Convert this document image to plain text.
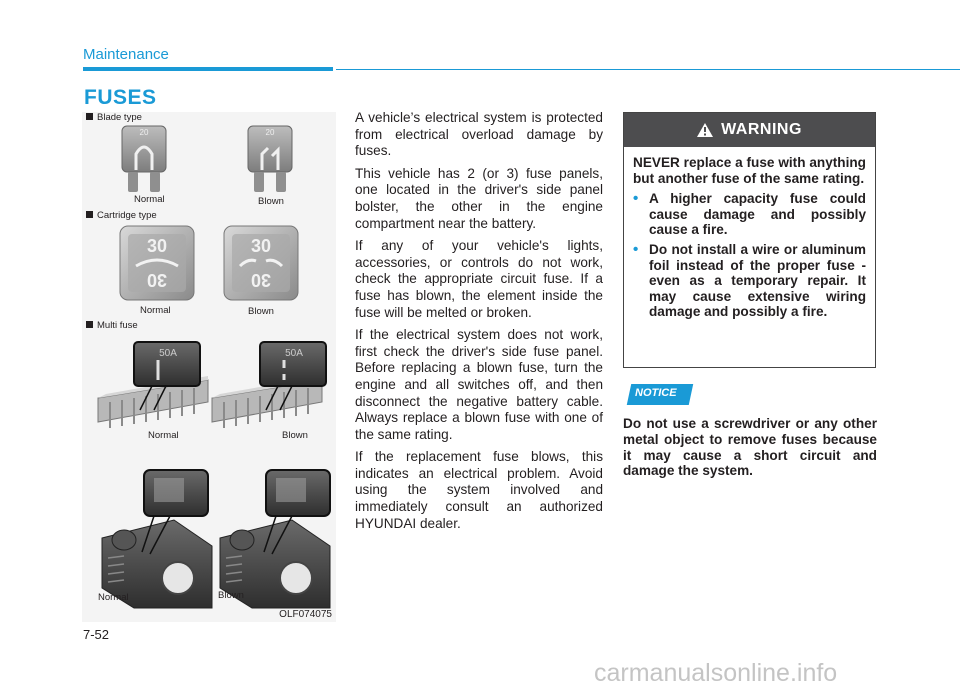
Maintenance
FUSES
20	20
30
30
30
30
50A	50A
Blade type
Normal	Blown
Cartridge type
Normal	Blown
Multi fuse
Normal	Blown
Normal	Blown
OLF074075

A vehicle’s electrical system is protected from electrical overload damage by fuses.

This vehicle has 2 (or 3) fuse panels, one located in the driver's side panel bolster, the other in the engine compartment near the battery.

If any of your vehicle's lights, accessories, or controls do not work, check the appropriate circuit fuse. If a fuse has blown, the element inside the fuse will be melted or broken.

If the electrical system does not work, first check the driver's side fuse panel. Before replacing a blown fuse, turn the engine and all switches off, and then disconnect the negative battery cable. Always replace a blown fuse with one of the same rating.

If the replacement fuse blows, this indicates an electrical problem. Avoid using the system involved and immediately consult an authorized HYUNDAI dealer.

WARNING

NEVER replace a fuse with anything but another fuse of the same rating.

• A higher capacity fuse could cause damage and possibly cause a fire.
• Do not install a wire or aluminum foil instead of the proper fuse - even as a temporary repair. It may cause extensive wiring damage and possibly a fire.
NOTICE
Do not use a screwdriver or any other metal object to remove fuses because it may cause a short circuit and damage the system.
7-52
carmanualsonline.info
